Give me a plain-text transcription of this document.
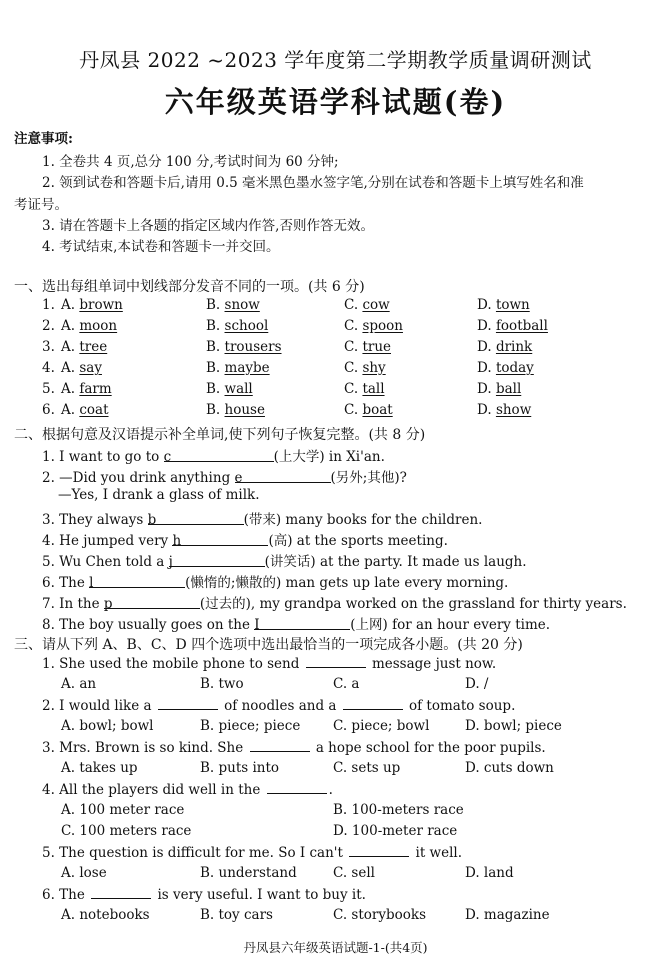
丹凤县 2022 ~2023 学年度第二学期教学质量调研测试
六年级英语学科试题(卷)
注意事项:
1. 全卷共 4 页,总分 100 分,考试时间为 60 分钟;
2. 领到试卷和答题卡后,请用 0.5 毫米黑色墨水签字笔,分别在试卷和答题卡上填写姓名和准
考证号。
3. 请在答题卡上各题的指定区域内作答,否则作答无效。
4. 考试结束,本试卷和答题卡一并交回。
一、选出每组单词中划线部分发音不同的一项。(共 6 分)
1. A. brown	B. snow	C. cow	D. town
2. A. moon	B. school	C. spoon	D. football
3. A. tree	B. trousers	C. true	D. drink
4. A. say	B. maybe	C. shy	D. today
5. A. farm	B. wall	C. tall	D. ball
6. A. coat	B. house	C. boat	D. show
二、根据句意及汉语提示补全单词,使下列句子恢复完整。(共 8 分)
1. I want to go to c	(上大学) in Xi'an.
2. —Did you drink anything e	(另外;其他)?
—Yes, I drank a glass of milk.
3. They always b	(带来) many books for the children.
4. He jumped very h	(高) at the sports meeting.
5. Wu Chen told a j	(讲笑话) at the party. It made us laugh.
6. The l	(懒惰的;懒散的) man gets up late every morning.
7. In the p	(过去的), my grandpa worked on the grassland for thirty years.
8. The boy usually goes on the I	(上网) for an hour every time.
三、请从下列 A、B、C、D 四个选项中选出最恰当的一项完成各小题。(共 20 分)
1. She used the mobile phone to send	message just now.
A. an	B. two	C. a	D. /
2. I would like a	of noodles and a	of tomato soup.
A. bowl; bowl	B. piece; piece C. piece; bowl	D. bowl; piece
3. Mrs. Brown is so kind. She	a hope school for the poor pupils.
A. takes up	B. puts into	C. sets up	D. cuts down
4. All the players did well in the	.
A. 100 meter race	B. 100-meters race
C. 100 meters race	D. 100-meter race
5. The question is difficult for me. So I can't	it well.
A. lose	B. understand	C. sell	D. land
6. The	is very useful. I want to buy it.
A. notebooks	B. toy cars	C. storybooks	D. magazine
丹凤县六年级英语试题-1-(共4页)
